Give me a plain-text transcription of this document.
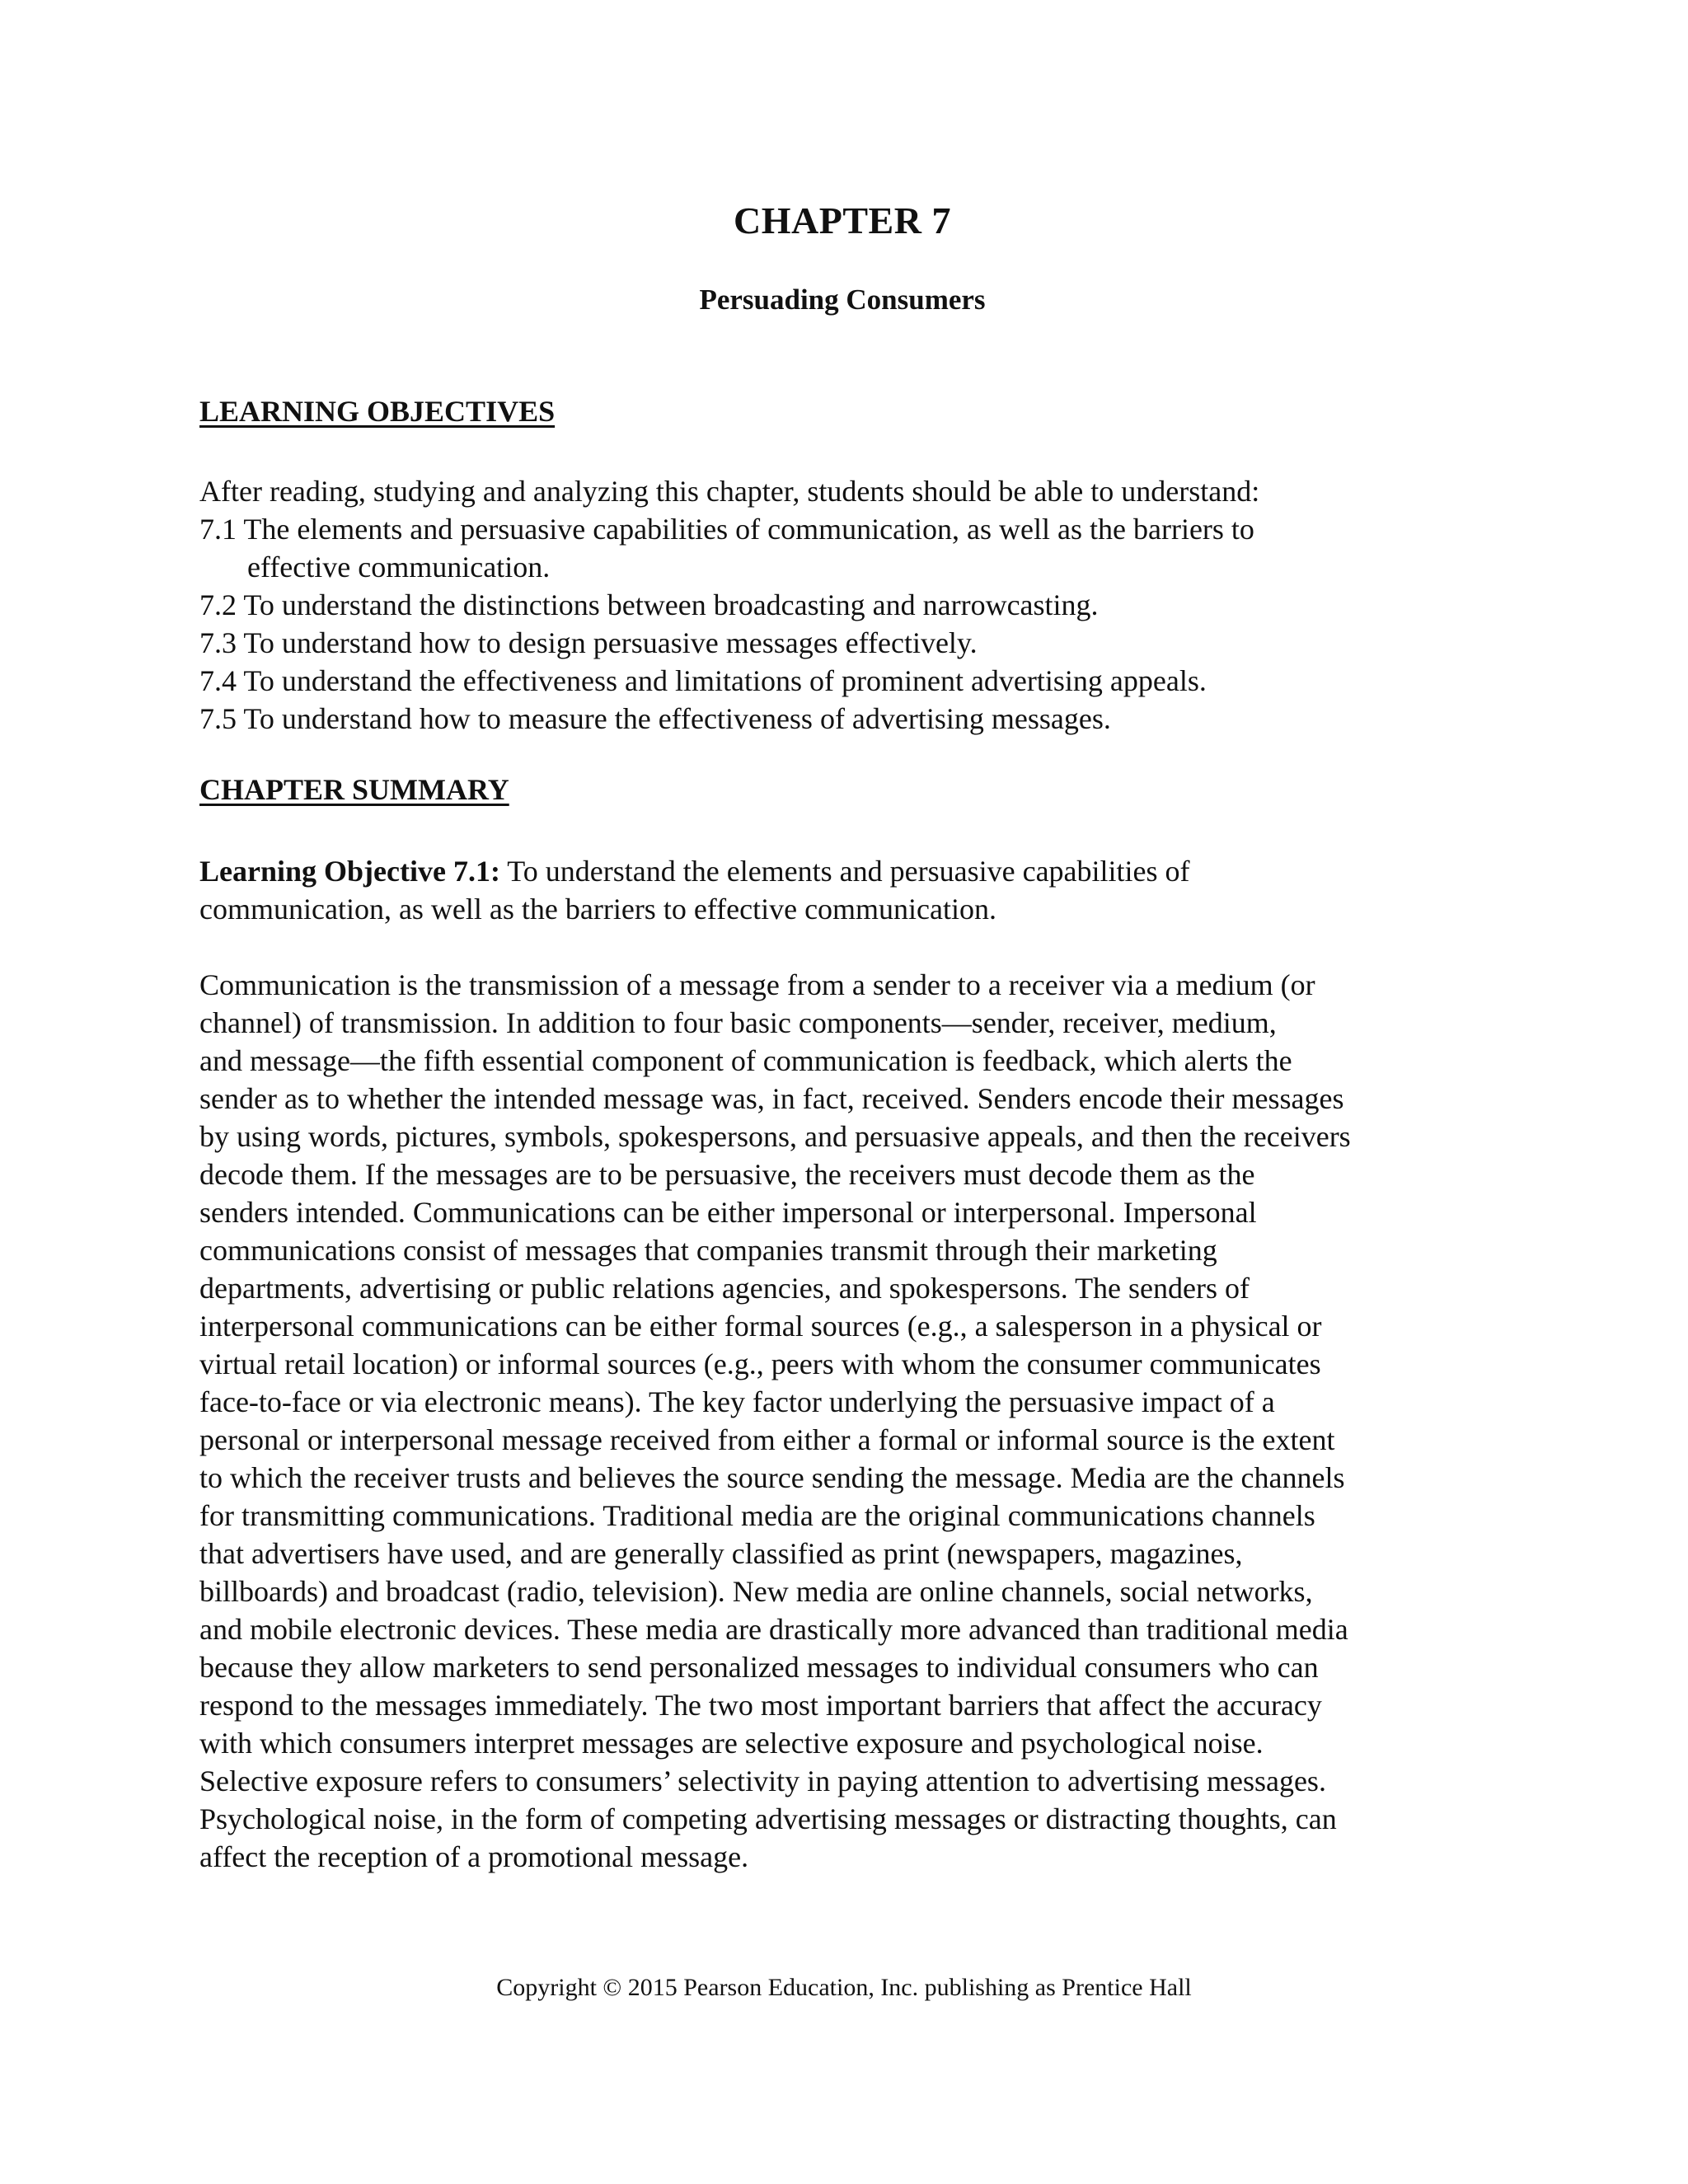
CHAPTER 7
Persuading Consumers
LEARNING OBJECTIVES

After reading, studying and analyzing this chapter, students should be able to understand:

7.1 The elements and persuasive capabilities of communication, as well as the barriers to

effective communication.

7.2 To understand the distinctions between broadcasting and narrowcasting.

7.3 To understand how to design persuasive messages effectively.

7.4 To understand the effectiveness and limitations of prominent advertising appeals.

7.5 To understand how to measure the effectiveness of advertising messages.

CHAPTER SUMMARY

Learning Objective 7.1: To understand the elements and persuasive capabilities of

communication, as well as the barriers to effective communication.

Communication is the transmission of a message from a sender to a receiver via a medium (or

channel) of transmission. In addition to four basic components—sender, receiver, medium,

and message—the fifth essential component of communication is feedback, which alerts the

sender as to whether the intended message was, in fact, received. Senders encode their messages

by using words, pictures, symbols, spokespersons, and persuasive appeals, and then the receivers

decode them. If the messages are to be persuasive, the receivers must decode them as the

senders intended. Communications can be either impersonal or interpersonal. Impersonal

communications consist of messages that companies transmit through their marketing

departments, advertising or public relations agencies, and spokespersons. The senders of

interpersonal communications can be either formal sources (e.g., a salesperson in a physical or

virtual retail location) or informal sources (e.g., peers with whom the consumer communicates

face-to-face or via electronic means). The key factor underlying the persuasive impact of a

personal or interpersonal message received from either a formal or informal source is the extent

to which the receiver trusts and believes the source sending the message. Media are the channels

for transmitting communications. Traditional media are the original communications channels

that advertisers have used, and are generally classified as print (newspapers, magazines,

billboards) and broadcast (radio, television). New media are online channels, social networks,

and mobile electronic devices. These media are drastically more advanced than traditional media

because they allow marketers to send personalized messages to individual consumers who can

respond to the messages immediately. The two most important barriers that affect the accuracy

with which consumers interpret messages are selective exposure and psychological noise.

Selective exposure refers to consumers’ selectivity in paying attention to advertising messages.

Psychological noise, in the form of competing advertising messages or distracting thoughts, can

affect the reception of a promotional message.

Copyright © 2015 Pearson Education, Inc. publishing as Prentice Hall
